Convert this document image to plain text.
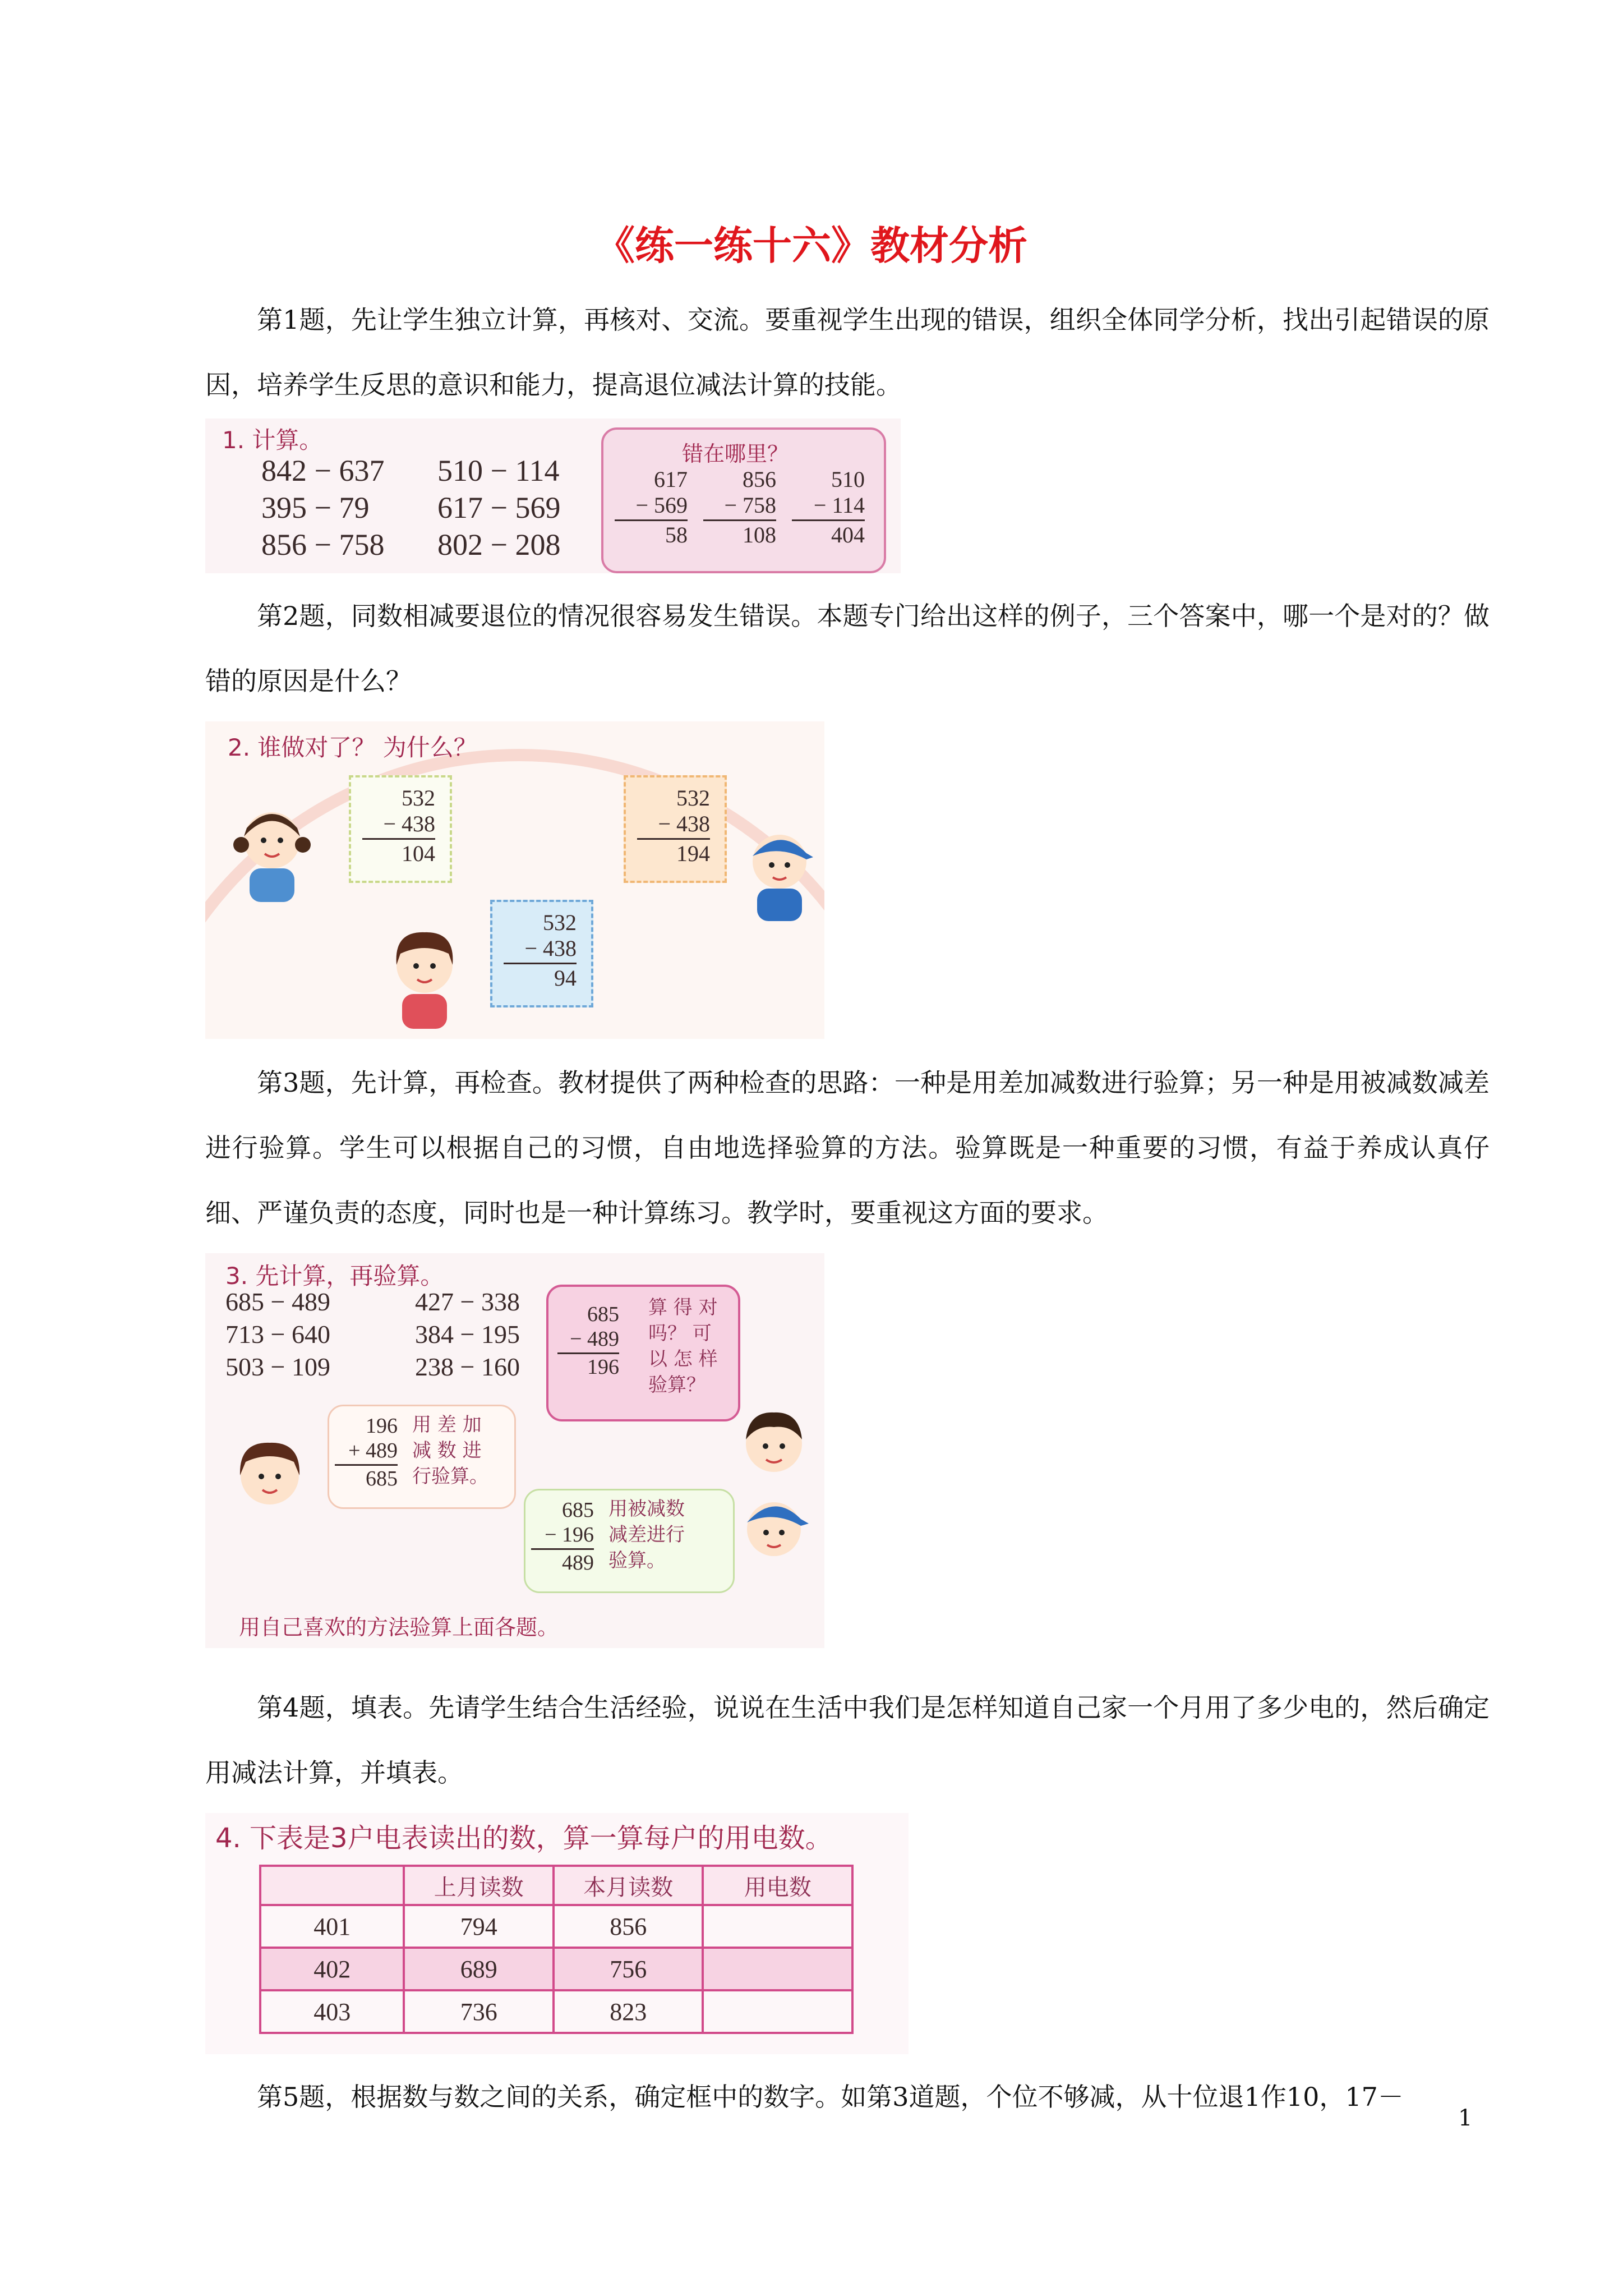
《练一练十六》教材分析

第1题，先让学生独立计算，再核对、交流。要重视学生出现的错误，组织全体同学分析，找出引起错误的原因，培养学生反思的意识和能力，提高退位减法计算的技能。

1. 计算。
842 − 637 510 − 114
395 − 79 617 − 569
856 − 758 802 − 208
错在哪里？
617
− 569
58
856
− 758
108
510
− 114
404

第2题，同数相减要退位的情况很容易发生错误。本题专门给出这样的例子，三个答案中，哪一个是对的？做错的原因是什么？

2. 谁做对了？ 为什么？
532
− 438
104
532
− 438
194
532
− 438
94

第3题，先计算，再检查。教材提供了两种检查的思路：一种是用差加减数进行验算；另一种是用被减数减差进行验算。学生可以根据自己的习惯，自由地选择验算的方法。验算既是一种重要的习惯，有益于养成认真仔细、严谨负责的态度，同时也是一种计算练习。教学时，要重视这方面的要求。

3. 先计算，再验算。
685 − 489	427 − 338
713 − 640	384 − 195
503 − 109	238 − 160
685
− 489
196
算 得 对
吗？ 可
以 怎 样
验算？
196
+ 489
685
用 差 加
减 数 进
行验算。
685
− 196
489
用被减数
减差进行
验算。
用自己喜欢的方法验算上面各题。

第4题，填表。先请学生结合生活经验，说说在生活中我们是怎样知道自己家一个月用了多少电的，然后确定用减法计算，并填表。

4. 下表是3户电表读出的数，算一算每户的用电数。
	上月读数	本月读数	用电数
401	794	856	
402	689	756	
403	736	823	

第5题，根据数与数之间的关系，确定框中的数字。如第3道题，个位不够减，从十位退1作10，17－

1
